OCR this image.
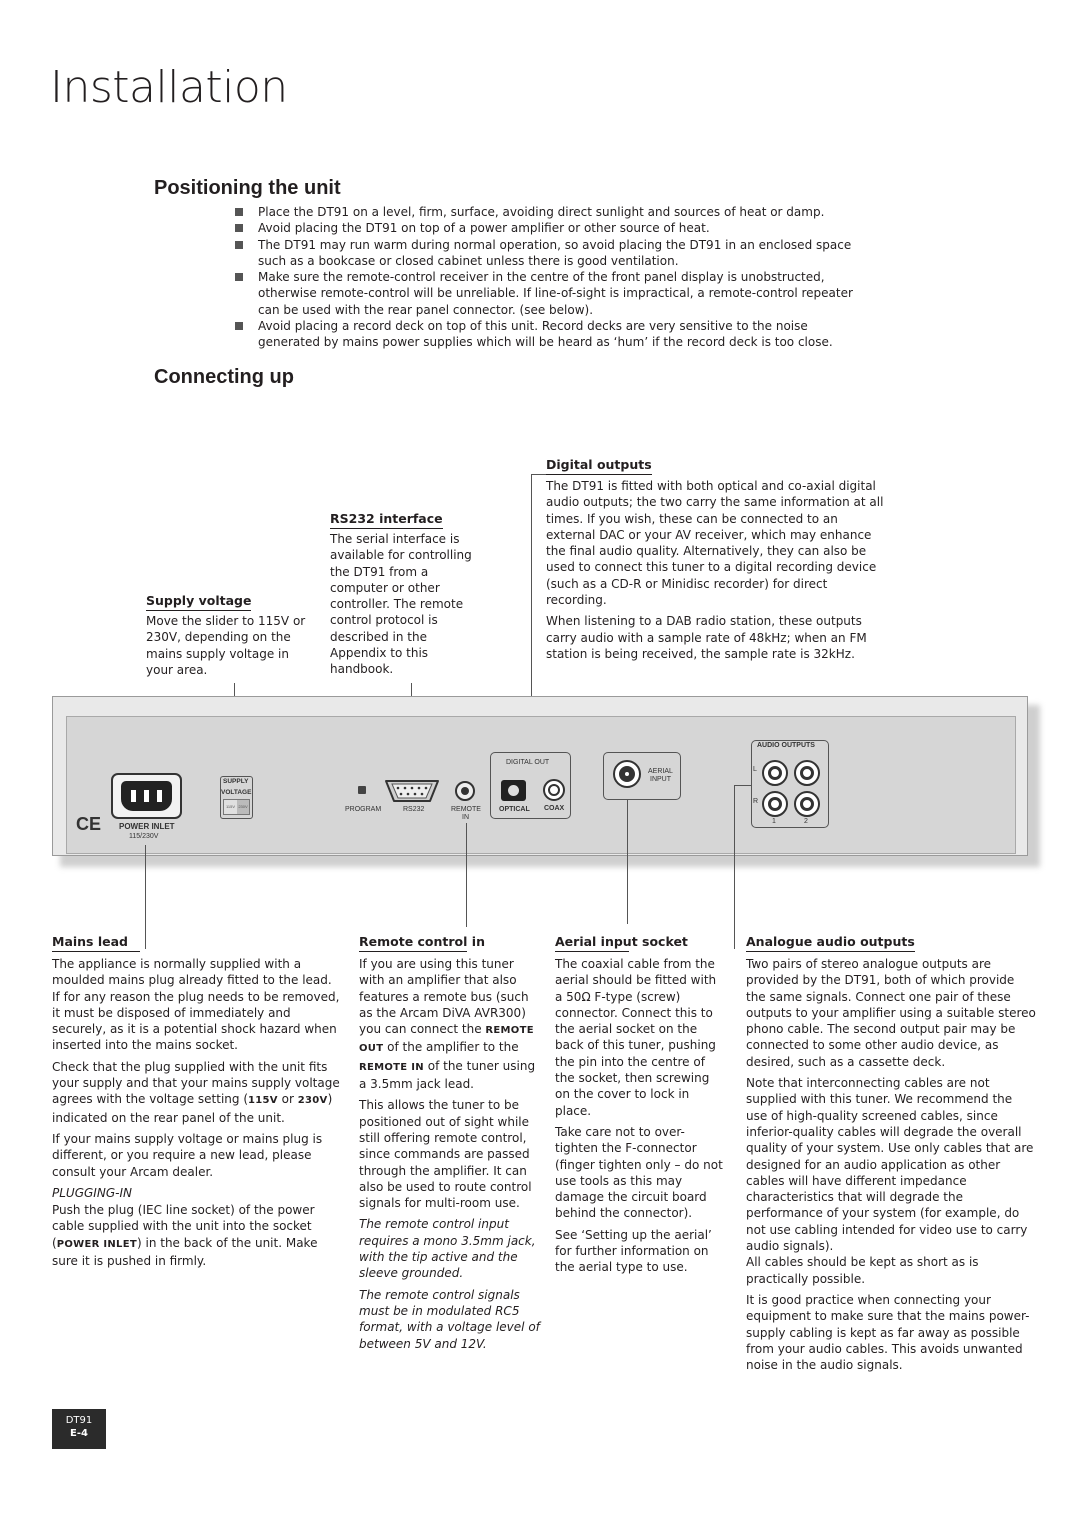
Installation
Positioning the unit
Place the DT91 on a level, firm, surface, avoiding direct sunlight and sources of heat or damp.
Avoid placing the DT91 on top of a power amplifier or other source of heat.
The DT91 may run warm during normal operation, so avoid placing the DT91 in an enclosed space such as a bookcase or closed cabinet unless there is good ventilation.
Make sure the remote-control receiver in the centre of the front panel display is unobstructed, otherwise remote-control will be unreliable. If line-of-sight is impractical, a remote-control repeater can be used with the rear panel connector. (see below).
Avoid placing a record deck on top of this unit. Record decks are very sensitive to the noise generated by mains power supplies which will be heard as ‘hum’ if the record deck is too close.
Connecting up
Supply voltage
Move the slider to 115V or 230V, depending on the mains supply voltage in your area.
RS232 interface
The serial interface is available for controlling the DT91 from a computer or other controller. The remote control protocol is described in the Appendix to this handbook.
Digital outputs

The DT91 is fitted with both optical and co-axial digital audio outputs; the two carry the same information at all times. If you wish, these can be connected to an external DAC or your AV receiver, which may enhance the final audio quality. Alternatively, they can also be used to connect this tuner to a digital recording device (such as a CD-R or Minidisc recorder) for direct recording.

When listening to a DAB radio station, these outputs carry audio with a sample rate of 48kHz; when an FM station is being received, the sample rate is 32kHz.

CE POWER INLET
115/230V
SUPPLY
VOLTAGE
115V 230V	PROGRAM	RS232	REMOTE
IN
DIGITAL OUT
OPTICAL COAX
AERIAL
INPUT
AUDIO OUTPUTS
L
R
1	2
Mains lead

The appliance is normally supplied with a moulded mains plug already fitted to the lead. If for any reason the plug needs to be removed, it must be disposed of immediately and securely, as it is a potential shock hazard when inserted into the mains socket.

Check that the plug supplied with the unit fits your supply and that your mains supply voltage agrees with the voltage setting (115V or 230V) indicated on the rear panel of the unit.

If your mains supply voltage or mains plug is different, or you require a new lead, please consult your Arcam dealer.

PLUGGING-IN

Push the plug (IEC line socket) of the power cable supplied with the unit into the socket (POWER INLET) in the back of the unit. Make sure it is pushed in firmly.

Remote control in

If you are using this tuner with an amplifier that also features a remote bus (such as the Arcam DiVA AVR300) you can connect the REMOTE OUT of the amplifier to the REMOTE IN of the tuner using a 3.5mm jack lead.

This allows the tuner to be positioned out of sight while still offering remote control, since commands are passed through the amplifier. It can also be used to route control signals for multi-room use.

The remote control input requires a mono 3.5mm jack, with the tip active and the sleeve grounded.

The remote control signals must be in modulated RC5 format, with a voltage level of between 5V and 12V.

Aerial input socket

The coaxial cable from the aerial should be fitted with a 50Ω F-type (screw) connector. Connect this to the aerial socket on the back of this tuner, pushing the pin into the centre of the socket, then screwing on the cover to lock in place.

Take care not to over-tighten the F-connector (finger tighten only – do not use tools as this may damage the circuit board behind the connector).

See ‘Setting up the aerial’ for further information on the aerial type to use.

Analogue audio outputs

Two pairs of stereo analogue outputs are provided by the DT91, both of which provide the same signals. Connect one pair of these outputs to your amplifier using a suitable stereo phono cable. The second output pair may be connected to some other audio device, as desired, such as a cassette deck.

Note that interconnecting cables are not supplied with this tuner. We recommend the use of high-quality screened cables, since inferior-quality cables will degrade the overall quality of your system. Use only cables that are designed for an audio application as other cables will have different impedance characteristics that will degrade the performance of your system (for example, do not use cabling intended for video use to carry audio signals).

All cables should be kept as short as is practically possible.

It is good practice when connecting your equipment to make sure that the mains power-supply cabling is kept as far away as possible from your audio cables. This avoids unwanted noise in the audio signals.

DT91
E-4
